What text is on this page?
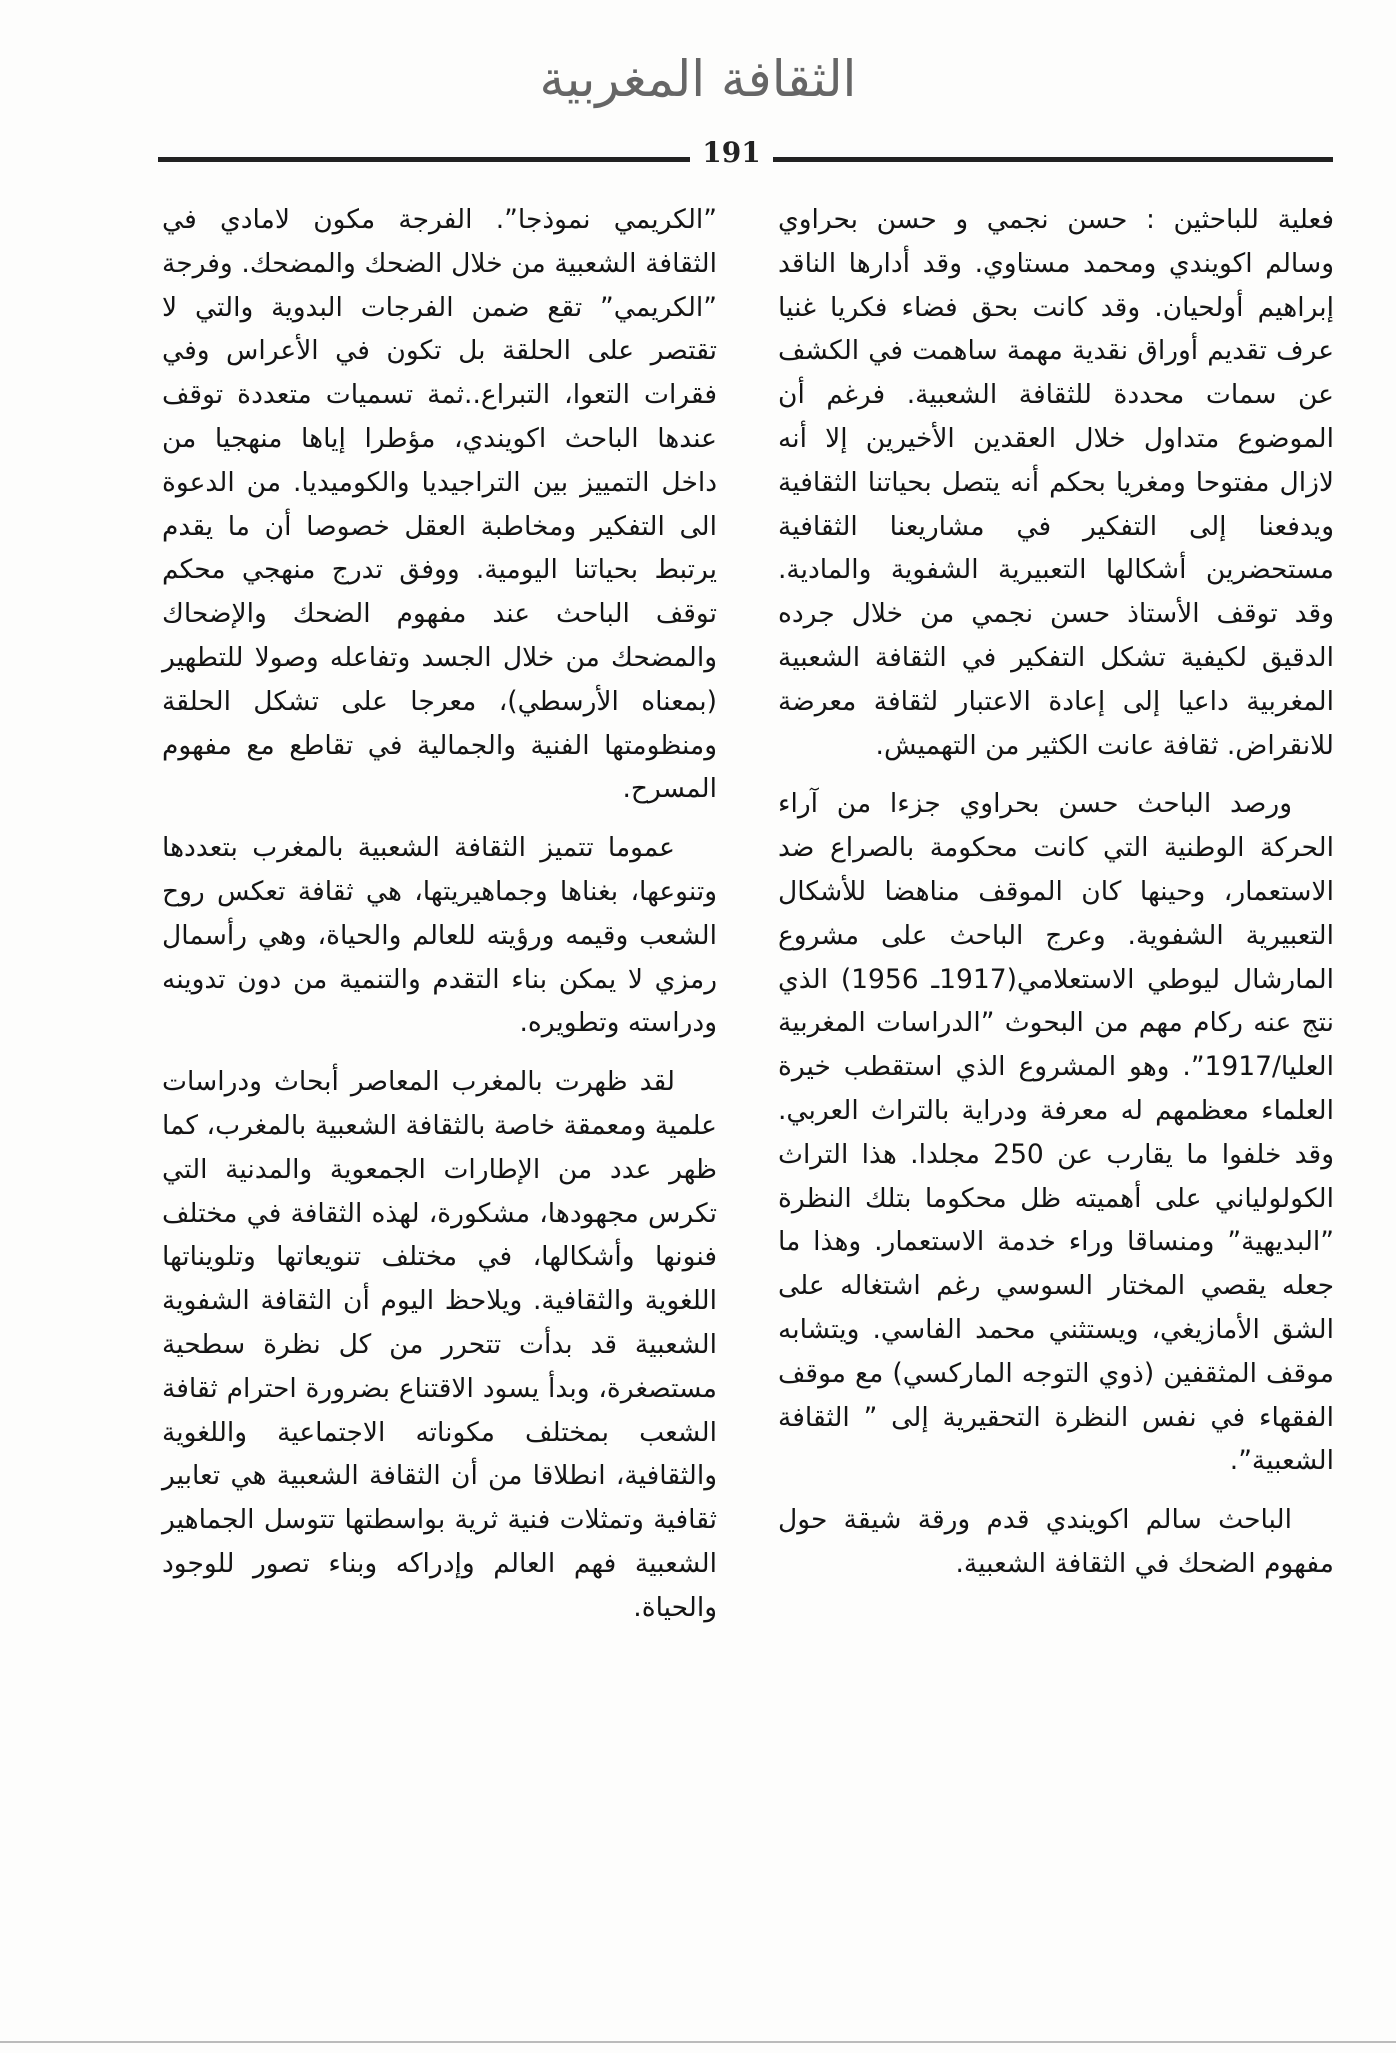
الثقافة المغربية
191

فعلية للباحثين : حسن نجمي و حسن بحراوي وسالم اكويندي ومحمد مستاوي. وقد أدارها الناقد إبراهيم أولحيان. وقد كانت بحق فضاء فكريا غنيا عرف تقديم أوراق نقدية مهمة ساهمت في الكشف عن سمات محددة للثقافة الشعبية. فرغم أن الموضوع متداول خلال العقدين الأخيرين إلا أنه لازال مفتوحا ومغريا بحكم أنه يتصل بحياتنا الثقافية ويدفعنا إلى التفكير في مشاريعنا الثقافية مستحضرين أشكالها التعبيرية الشفوية والمادية. وقد توقف الأستاذ حسن نجمي من خلال جرده الدقيق لكيفية تشكل التفكير في الثقافة الشعبية المغربية داعيا إلى إعادة الاعتبار لثقافة معرضة للانقراض. ثقافة عانت الكثير من التهميش.

ورصد الباحث حسن بحراوي جزءا من آراء الحركة الوطنية التي كانت محكومة بالصراع ضد الاستعمار، وحينها كان الموقف مناهضا للأشكال التعبيرية الشفوية. وعرج الباحث على مشروع المارشال ليوطي الاستعلامي(1917ـ 1956) الذي نتج عنه ركام مهم من البحوث ”الدراسات المغربية العليا/1917”. وهو المشروع الذي استقطب خيرة العلماء معظمهم له معرفة ودراية بالتراث العربي. وقد خلفوا ما يقارب عن 250 مجلدا. هذا التراث الكولولياني على أهميته ظل محكوما بتلك النظرة ”البديهية” ومنساقا وراء خدمة الاستعمار. وهذا ما جعله يقصي المختار السوسي رغم اشتغاله على الشق الأمازيغي، ويستثني محمد الفاسي. ويتشابه موقف المثقفين (ذوي التوجه الماركسي) مع موقف الفقهاء في نفس النظرة التحقيرية إلى ” الثقافة الشعبية”.

الباحث سالم اكويندي قدم ورقة شيقة حول مفهوم الضحك في الثقافة الشعبية.

”الكريمي نموذجا”. الفرجة مكون لامادي في الثقافة الشعبية من خلال الضحك والمضحك. وفرجة ”الكريمي” تقع ضمن الفرجات البدوية والتي لا تقتصر على الحلقة بل تكون في الأعراس وفي فقرات التعوا، التبراع..ثمة تسميات متعددة توقف عندها الباحث اكويندي، مؤطرا إياها منهجيا من داخل التمييز بين التراجيديا والكوميديا. من الدعوة الى التفكير ومخاطبة العقل خصوصا أن ما يقدم يرتبط بحياتنا اليومية. ووفق تدرج منهجي محكم توقف الباحث عند مفهوم الضحك والإضحاك والمضحك من خلال الجسد وتفاعله وصولا للتطهير (بمعناه الأرسطي)، معرجا على تشكل الحلقة ومنظومتها الفنية والجمالية في تقاطع مع مفهوم المسرح.

عموما تتميز الثقافة الشعبية بالمغرب بتعددها وتنوعها، بغناها وجماهيريتها، هي ثقافة تعكس روح الشعب وقيمه ورؤيته للعالم والحياة، وهي رأسمال رمزي لا يمكن بناء التقدم والتنمية من دون تدوينه ودراسته وتطويره.

لقد ظهرت بالمغرب المعاصر أبحاث ودراسات علمية ومعمقة خاصة بالثقافة الشعبية بالمغرب، كما ظهر عدد من الإطارات الجمعوية والمدنية التي تكرس مجهودها، مشكورة، لهذه الثقافة في مختلف فنونها وأشكالها، في مختلف تنويعاتها وتلويناتها اللغوية والثقافية. ويلاحظ اليوم أن الثقافة الشفوية الشعبية قد بدأت تتحرر من كل نظرة سطحية مستصغرة، وبدأ يسود الاقتناع بضرورة احترام ثقافة الشعب بمختلف مكوناته الاجتماعية واللغوية والثقافية، انطلاقا من أن الثقافة الشعبية هي تعابير ثقافية وتمثلات فنية ثرية بواسطتها تتوسل الجماهير الشعبية فهم العالم وإدراكه وبناء تصور للوجود والحياة.
